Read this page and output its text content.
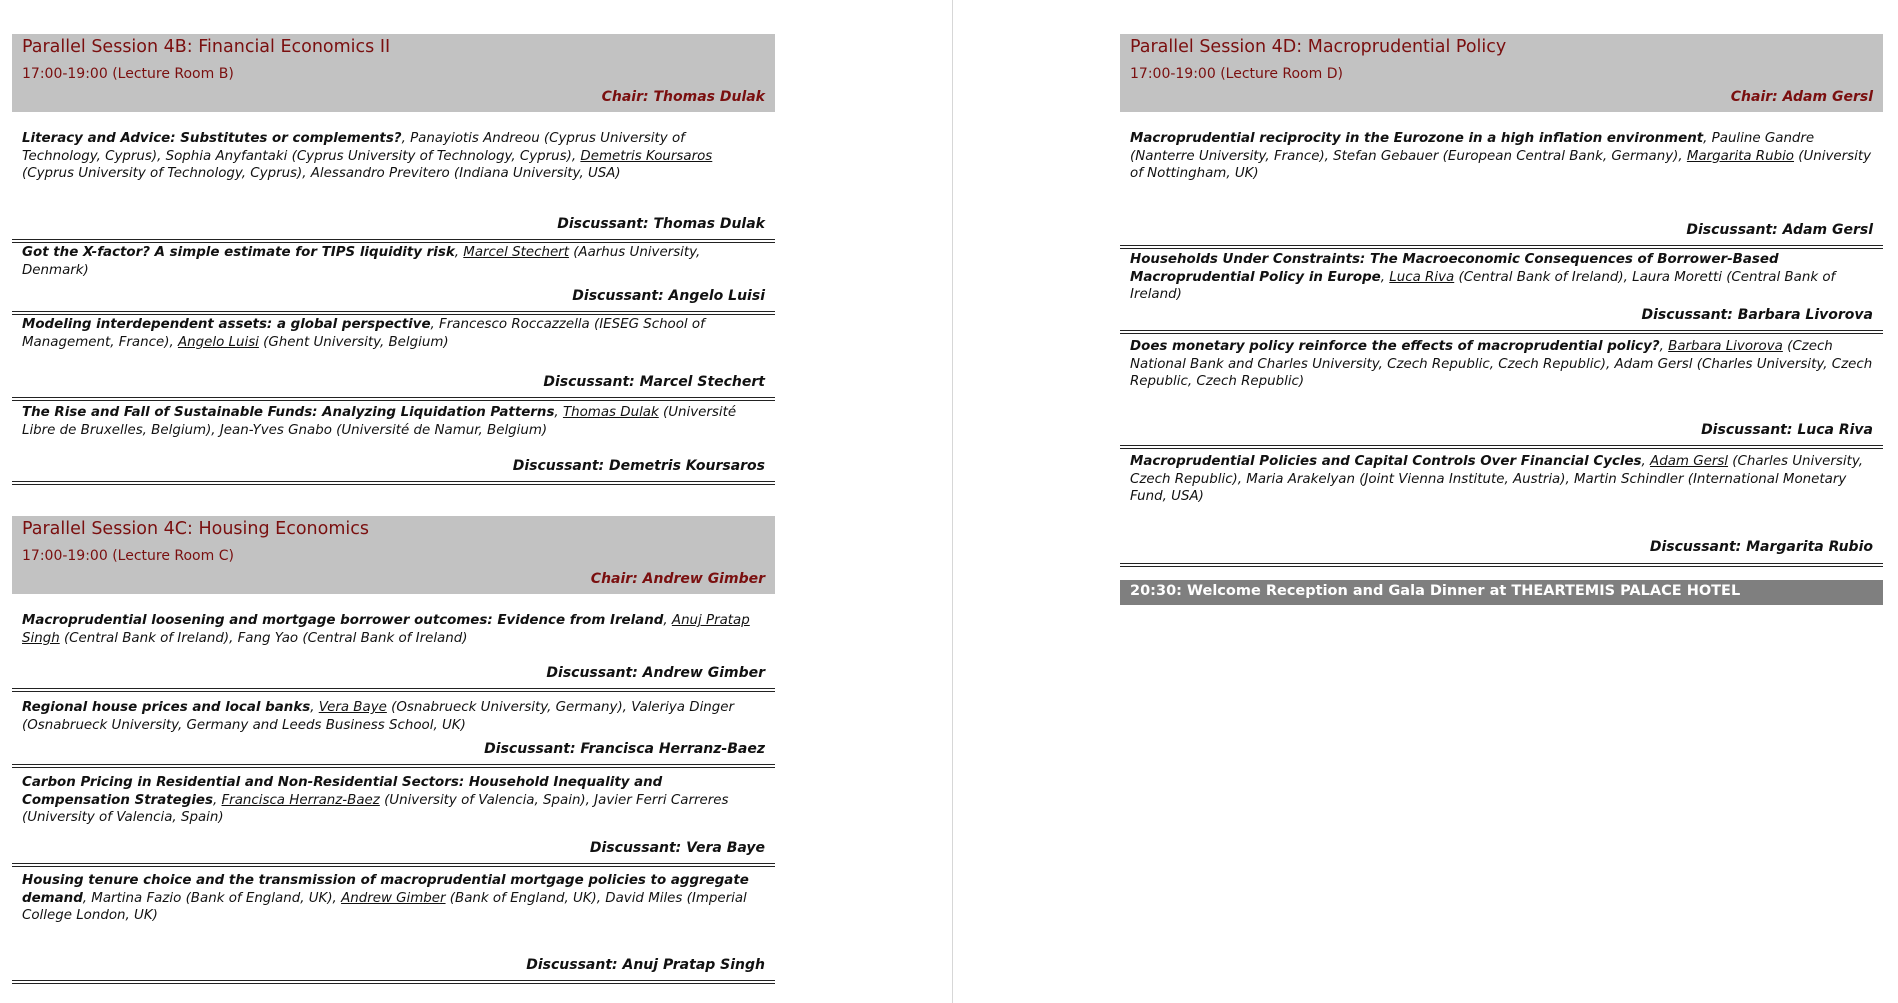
Parallel Session 4B: Financial Economics II
17:00-19:00 (Lecture Room B)
Chair: Thomas Dulak
Literacy and Advice: Substitutes or complements?, Panayiotis Andreou (Cyprus University of Technology, Cyprus), Sophia Anyfantaki (Cyprus University of Technology, Cyprus), Demetris Koursaros (Cyprus University of Technology, Cyprus), Alessandro Previtero (Indiana University, USA)
Discussant: Thomas Dulak
Got the X-factor? A simple estimate for TIPS liquidity risk, Marcel Stechert (Aarhus University, Denmark)
Discussant: Angelo Luisi
Modeling interdependent assets: a global perspective, Francesco Roccazzella (IESEG School of Management, France), Angelo Luisi (Ghent University, Belgium)
Discussant: Marcel Stechert
The Rise and Fall of Sustainable Funds: Analyzing Liquidation Patterns, Thomas Dulak (Université Libre de Bruxelles, Belgium), Jean-Yves Gnabo (Université de Namur, Belgium)
Discussant: Demetris Koursaros
Parallel Session 4C: Housing Economics
17:00-19:00 (Lecture Room C)
Chair: Andrew Gimber
Macroprudential loosening and mortgage borrower outcomes: Evidence from Ireland, Anuj Pratap Singh (Central Bank of Ireland), Fang Yao (Central Bank of Ireland)
Discussant: Andrew Gimber
Regional house prices and local banks, Vera Baye (Osnabrueck University, Germany), Valeriya Dinger (Osnabrueck University, Germany and Leeds Business School, UK)
Discussant: Francisca Herranz-Baez
Carbon Pricing in Residential and Non-Residential Sectors: Household Inequality and Compensation Strategies, Francisca Herranz-Baez (University of Valencia, Spain), Javier Ferri Carreres (University of Valencia, Spain)
Discussant: Vera Baye
Housing tenure choice and the transmission of macroprudential mortgage policies to aggregate demand, Martina Fazio (Bank of England, UK), Andrew Gimber (Bank of England, UK), David Miles (Imperial College London, UK)
Discussant: Anuj Pratap Singh
Parallel Session 4D: Macroprudential Policy
17:00-19:00 (Lecture Room D)
Chair: Adam Gersl
Macroprudential reciprocity in the Eurozone in a high inflation environment, Pauline Gandre (Nanterre University, France), Stefan Gebauer (European Central Bank, Germany), Margarita Rubio (University of Nottingham, UK)
Discussant: Adam Gersl
Households Under Constraints: The Macroeconomic Consequences of Borrower-Based Macroprudential Policy in Europe, Luca Riva (Central Bank of Ireland), Laura Moretti (Central Bank of Ireland)
Discussant: Barbara Livorova
Does monetary policy reinforce the effects of macroprudential policy?, Barbara Livorova (Czech National Bank and Charles University, Czech Republic, Czech Republic), Adam Gersl (Charles University, Czech Republic, Czech Republic)
Discussant: Luca Riva
Macroprudential Policies and Capital Controls Over Financial Cycles, Adam Gersl (Charles University, Czech Republic), Maria Arakelyan (Joint Vienna Institute, Austria), Martin Schindler (International Monetary Fund, USA)
Discussant: Margarita Rubio
20:30: Welcome Reception and Gala Dinner at THEARTEMIS PALACE HOTEL
